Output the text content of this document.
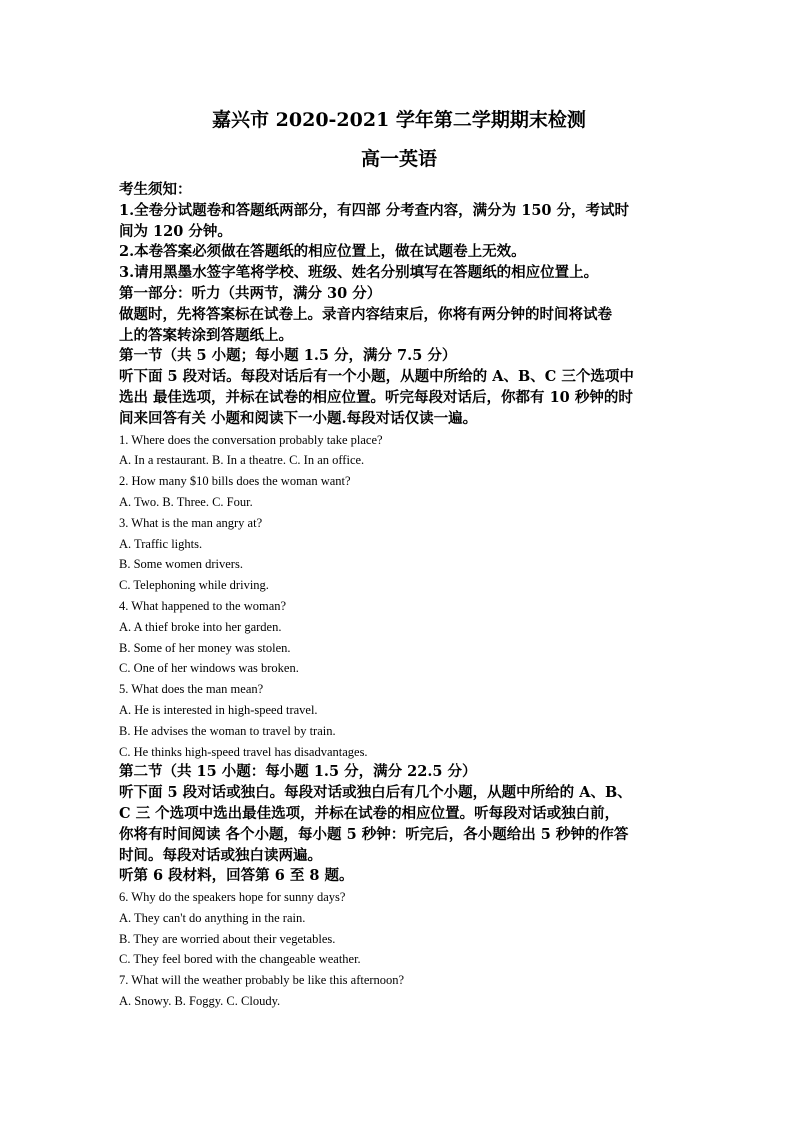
嘉兴市 2020-2021 学年第二学期期末检测
高一英语

考生须知：

1.全卷分试题卷和答题纸两部分，有四部 分考查内容，满分为 150 分，考试时

间为 120 分钟。

2.本卷答案必须做在答题纸的相应位置上，做在试题卷上无效。

3.请用黑墨水签字笔将学校、班级、姓名分别填写在答题纸的相应位置上。

第一部分：听力（共两节，满分 30 分）

做题时，先将答案标在试卷上。录音内容结束后，你将有两分钟的时间将试卷

上的答案转涂到答题纸上。

第一节（共 5 小题；每小题 1.5 分，满分 7.5 分）

听下面 5 段对话。每段对话后有一个小题，从题中所给的 A、B、C 三个选项中

选出 最佳选项，并标在试卷的相应位置。听完每段对话后，你都有 10 秒钟的时

间来回答有关 小题和阅读下一小题.每段对话仅读一遍。

1. Where does the conversation probably take place?

A. In a restaurant. B. In a theatre. C. In an office.

2. How many $10 bills does the woman want?

A. Two. B. Three. C. Four.

3. What is the man angry at?

A. Traffic lights.

B. Some women drivers.

C. Telephoning while driving.

4. What happened to the woman?

A. A thief broke into her garden.

B. Some of her money was stolen.

C. One of her windows was broken.

5. What does the man mean?

A. He is interested in high-speed travel.

B. He advises the woman to travel by train.

C. He thinks high-speed travel has disadvantages.

第二节（共 15 小题：每小题 1.5 分，满分 22.5 分）

听下面 5 段对话或独白。每段对话或独白后有几个小题，从题中所给的 A、B、

C 三 个选项中选出最佳选项，并标在试卷的相应位置。听每段对话或独白前，

你将有时间阅读 各个小题，每小题 5 秒钟：听完后，各小题给出 5 秒钟的作答

时间。每段对话或独白读两遍。

听第 6 段材料，回答第 6 至 8 题。

6. Why do the speakers hope for sunny days?

A. They can't do anything in the rain.

B. They are worried about their vegetables.

C. They feel bored with the changeable weather.

7. What will the weather probably be like this afternoon?

A. Snowy. B. Foggy. C. Cloudy.
